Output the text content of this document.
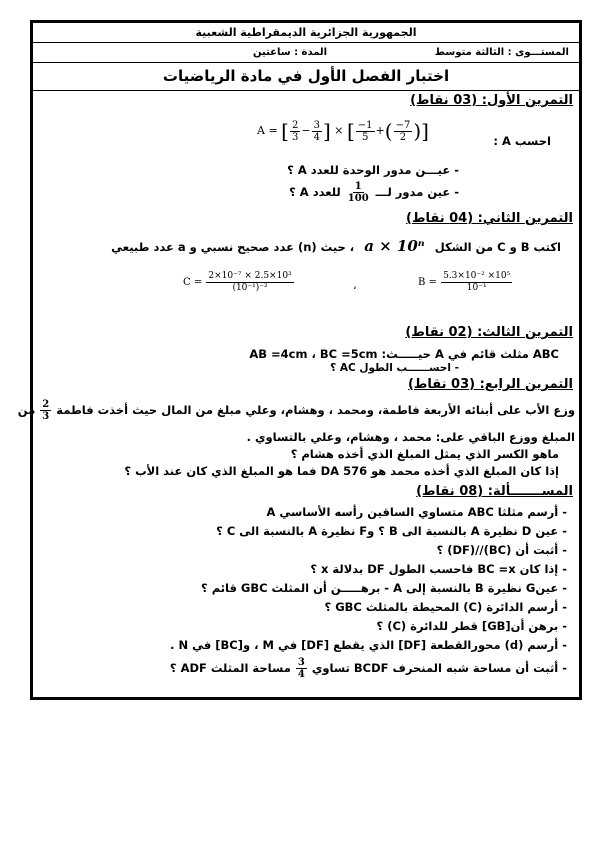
الجمهورية الجزائرية الديمقراطية الشعبية
المستـــوى : الثالثة متوسط
المدة : ساعتين
اختبار الفصل الأول في مادة الرياضيات
التمرين الأول: (03 نقاط)
احسب A :
A = [ $\frac{2}{3} - \frac{3}{4}$ ] × [ $\frac{-1}{5}$ +( $\frac{-7}{2}$ )]
- عيـــن مدور الوحدة للعدد A ؟
- عين مدور لـــ
$\frac{1}{100}$
للعدد A ؟
التمرين الثاني: (04 نقاط)
اكتب B و C من الشكل a × 10ⁿ ، حيث (n) عدد صحيح نسبي و a عدد طبيعي
$C = \frac{\text{2×10⁻⁷ × 2.5×10³}}{\text{(10⁻¹)⁻²}}$	،	$B = \frac{\text{5.3×10⁻² ×10⁵}}{\text{10⁻¹}}$
التمرين الثالث: (02 نقاط)
ABC مثلث قائم في A حيـــــث: AB =4cm ، BC =5cm
- احســــــب الطول AC ؟
التمرين الرابع: (03 نقاط)
وزع الأب على أبنائه الأربعة فاطمة، ومحمد ، وهشام، وعلي مبلغ من المال حيث أخذت فاطمة
$\frac{2}{3}$
من
المبلغ ووزع الباقي على: محمد ، وهشام، وعلي بالتساوي .
ماهو الكسر الذي يمثل المبلغ الذي أخذه هشام ؟
إذا كان المبلغ الذي أخذه محمد هو 576 DA فما هو المبلغ الذي كان عند الأب ؟
المســـــــألة: (08 نقاط)
- أرسم مثلثا ABC متساوي الساقين رأسه الأساسي A
- عين D نظيرة A بالنسبة الى B ؟ وF نظيرة A بالنسبة الى C ؟
- أثبت أن (BC)//(DF) ؟
- إذا كان BC =x فاحسب الطول DF بدلالة x ؟
- عينG نظيرة B بالنسبة إلى A - برهـــــن أن المثلث GBC قائم ؟
- أرسم الدائرة (C) المحيطة بالمثلث GBC ؟
- برهن أن[GB] قطر للدائرة (C) ؟
- أرسم (d) محورالقطعة [DF] الذي يقطع [DF] في M ، و[BC] في N .
- أثبت أن مساحة شبه المنحرف BCDF تساوي
$\frac{3}{4}$
مساحة المثلث ADF ؟
